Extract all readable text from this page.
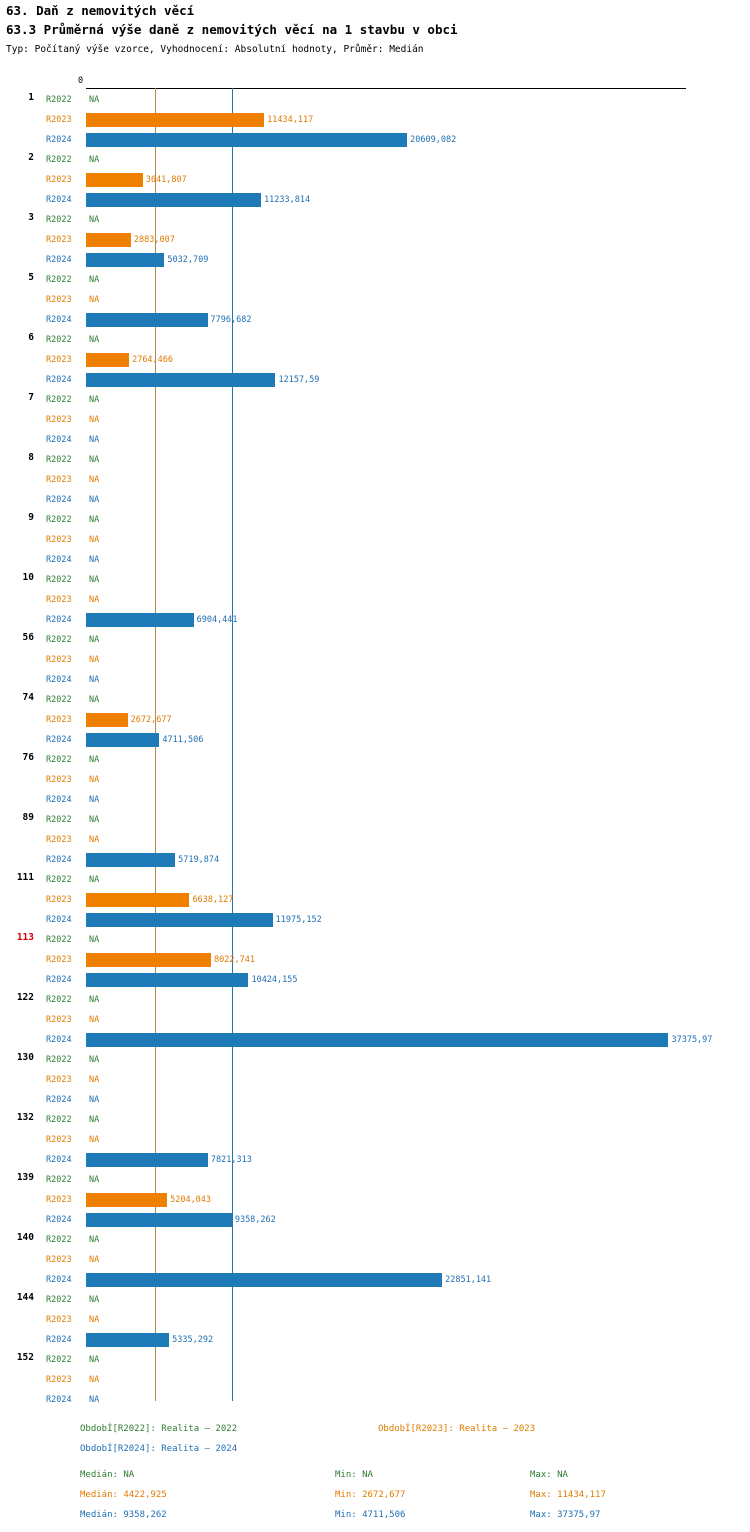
63. Daň z nemovitých věcí
63.3 Průměrná výše daně z nemovitých věcí na 1 stavbu v obci
Typ: Počítaný výše vzorce, Vyhodnocení: Absolutní hodnoty, Průměr: Medián
0
1 R2022	NA
R2023	11434,117
R2024	20609,082
2 R2022	NA
R2023	3641,807
R2024	11233,814
3 R2022	NA
R2023	2883,007
R2024	5032,709
5 R2022	NA
R2023	NA
R2024	7796,682
6 R2022	NA
R2023	2764,466
R2024	12157,59
7 R2022	NA
R2023	NA
R2024	NA
8 R2022	NA
R2023	NA
R2024	NA
9 R2022	NA
R2023	NA
R2024	NA
10 R2022	NA
R2023	NA
R2024	6904,441
56 R2022	NA
R2023	NA
R2024	NA
74 R2022	NA
R2023	2672,677
R2024	4711,506
76 R2022	NA
R2023	NA
R2024	NA
89 R2022	NA
R2023	NA
R2024	5719,874
111 R2022	NA
R2023	6638,127
R2024	11975,152
113 R2022	NA
R2023	8022,741
R2024	10424,155
122 R2022	NA
R2023	NA
R2024	37375,97
130 R2022	NA
R2023	NA
R2024	NA
132 R2022	NA
R2023	NA
R2024	7821,313
139 R2022	NA
R2023	5204,043
R2024	9358,262
140 R2022	NA
R2023	NA
R2024	22851,141
144 R2022	NA
R2023	NA
R2024	5335,292
152 R2022	NA
R2023	NA
R2024	NA
ObdobÍ[R2022]: Realita – 2022	ObdobÍ[R2023]: Realita – 2023
ObdobÍ[R2024]: Realita – 2024
Medián: NA	Min: NA	Max: NA
Medián: 4422,925	Min: 2672,677	Max: 11434,117
Medián: 9358,262	Min: 4711,506	Max: 37375,97
